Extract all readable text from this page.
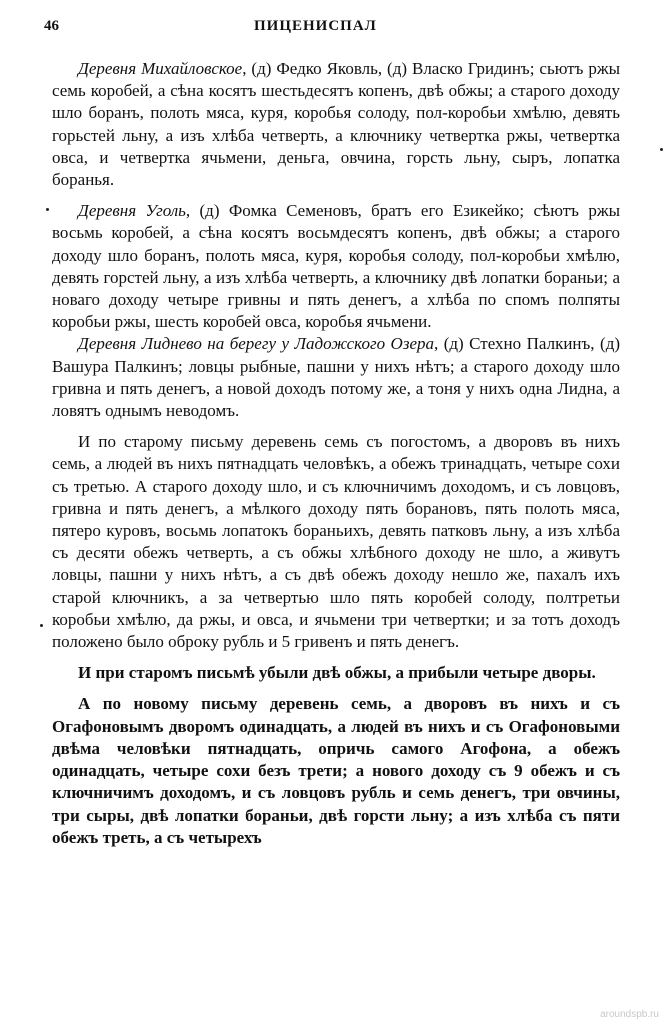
46	ПИЦЕНИСПАЛ

Деревня Михайловское, (д) Федко Яковль, (д) Власко Гридинъ; сьютъ ржы семь коробей, а сѣна косятъ шестьдесятъ копенъ, двѣ обжы; а старого доходу шло боранъ, полоть мяса, куря, коробья солоду, пол-коробьи хмѣлю, девять горьстей льну, а изъ хлѣба четверть, а ключнику четвертка ржы, четвертка овса, и четвертка ячьмени, деньга, овчина, горсть льну, сыръ, лопатка боранья.

Деревня Уголь, (д) Фомка Семеновъ, братъ его Езикейко; сѣютъ ржы восьмь коробей, а сѣна косятъ восьмдесятъ копенъ, двѣ обжы; а старого доходу шло боранъ, полоть мяса, куря, коробья солоду, пол-коробьи хмѣлю, девять горстей льну, а изъ хлѣба четверть, а ключнику двѣ лопатки бораньи; а новаго доходу четыре гривны и пять денегъ, а хлѣба по спомъ полпяты коробьи ржы, шесть коробей овса, коробья ячьмени.

Деревня Лиднево на берегу у Ладожского Озера, (д) Стехно Палкинъ, (д) Вашура Палкинъ; ловцы рыбные, пашни у нихъ нѣтъ; а старого доходу шло гривна и пять денегъ, а новой доходъ потому же, а тоня у нихъ одна Лидна, а ловятъ однымъ неводомъ.

И по старому письму деревень семь съ погостомъ, а дворовъ въ нихъ семь, а людей въ нихъ пятнадцать человѣкъ, а обежъ тринадцать, четыре сохи съ третью. А старого доходу шло, и съ ключничимъ доходомъ, и съ ловцовъ, гривна и пять денегъ, а мѣлкого доходу пять борановъ, пять полоть мяса, пятеро куровъ, восьмь лопатокъ бораньихъ, девять патковъ льну, а изъ хлѣба съ десяти обежъ четверть, а съ обжы хлѣбного доходу не шло, а живутъ ловцы, пашни у нихъ нѣтъ, а съ двѣ обежъ доходу нешло же, пахалъ ихъ старой ключникъ, а за четвертью шло пять коробей солоду, полтретьи коробьи хмѣлю, да ржы, и овса, и ячьмени три четвертки; и за тотъ доходъ положено было оброку рубль и 5 гривенъ и пять денегъ.

И при старомъ письмѣ убыли двѣ обжы, а прибыли четыре дворы.

А по новому письму деревень семь, а дворовъ въ нихъ и съ Огафоновымъ дворомъ одинадцать, а людей въ нихъ и съ Огафоновыми двѣма человѣки пятнадцать, опричь самого Агофона, а обежъ одинадцать, четыре сохи безъ трети; а нового доходу съ 9 обежъ и съ ключничимъ доходомъ, и съ ловцовъ рубль и семь денегъ, три овчины, три сыры, двѣ лопатки бораньи, двѣ горсти льну; а изъ хлѣба съ пяти обежъ треть, а съ четырехъ

aroundspb.ru
